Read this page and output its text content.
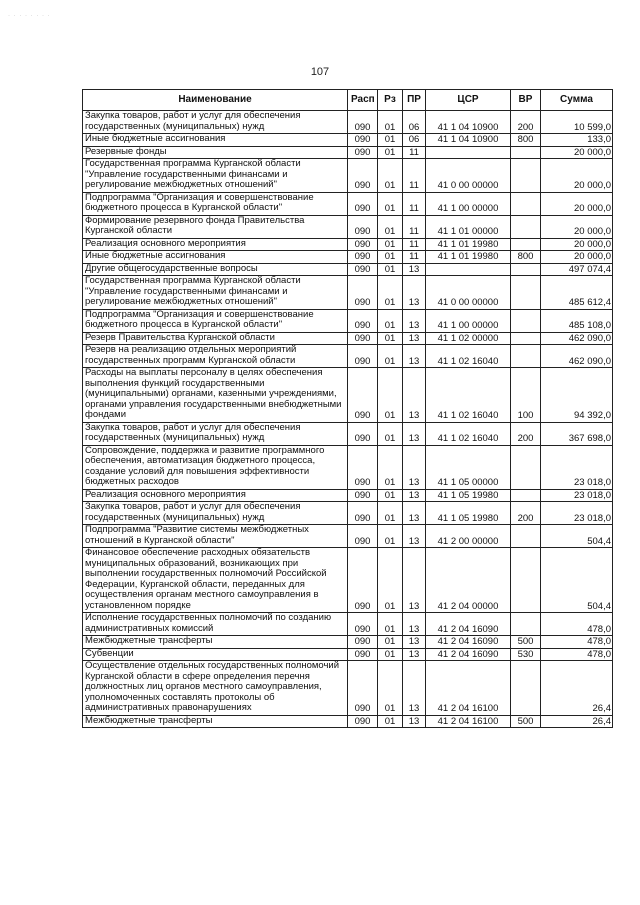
· · · · · · · ·
107
Наименование	Расп	Рз	ПР	ЦСР	ВР	Сумма
Закупка товаров, работ и услуг для обеспечения государственных (муниципальных) нужд	090	01	06	41 1 04 10900	200	10 599,0
Иные бюджетные ассигнования	090	01	06	41 1 04 10900	800	133,0
Резервные фонды	090	01	11			20 000,0
Государственная программа Курганской области "Управление государственными финансами и регулирование межбюджетных отношений"	090	01	11	41 0 00 00000		20 000,0
Подпрограмма "Организация и совершенствование бюджетного процесса в Курганской области"	090	01	11	41 1 00 00000		20 000,0
Формирование резервного фонда Правительства Курганской области	090	01	11	41 1 01 00000		20 000,0
Реализация основного мероприятия	090	01	11	41 1 01 19980		20 000,0
Иные бюджетные ассигнования	090	01	11	41 1 01 19980	800	20 000,0
Другие общегосударственные вопросы	090	01	13			497 074,4
Государственная программа Курганской области "Управление государственными финансами и регулирование межбюджетных отношений"	090	01	13	41 0 00 00000		485 612,4
Подпрограмма "Организация и совершенствование бюджетного процесса в Курганской области"	090	01	13	41 1 00 00000		485 108,0
Резерв Правительства Курганской области	090	01	13	41 1 02 00000		462 090,0
Резерв на реализацию отдельных мероприятий государственных программ Курганской области	090	01	13	41 1 02 16040		462 090,0
Расходы на выплаты персоналу в целях обеспечения выполнения функций государственными (муниципальными) органами, казенными учреждениями, органами управления государственными внебюджетными фондами	090	01	13	41 1 02 16040	100	94 392,0
Закупка товаров, работ и услуг для обеспечения государственных (муниципальных) нужд	090	01	13	41 1 02 16040	200	367 698,0
Сопровождение, поддержка и развитие программного обеспечения, автоматизация бюджетного процесса, создание условий для повышения эффективности бюджетных расходов	090	01	13	41 1 05 00000		23 018,0
Реализация основного мероприятия	090	01	13	41 1 05 19980		23 018,0
Закупка товаров, работ и услуг для обеспечения государственных (муниципальных) нужд	090	01	13	41 1 05 19980	200	23 018,0
Подпрограмма "Развитие системы межбюджетных отношений в Курганской области"	090	01	13	41 2 00 00000		504,4
Финансовое обеспечение расходных обязательств муниципальных образований, возникающих при выполнении государственных полномочий Российской Федерации, Курганской области, переданных для осуществления органам местного самоуправления в установленном порядке	090	01	13	41 2 04 00000		504,4
Исполнение государственных полномочий по созданию административных комиссий	090	01	13	41 2 04 16090		478,0
Межбюджетные трансферты	090	01	13	41 2 04 16090	500	478,0
Субвенции	090	01	13	41 2 04 16090	530	478,0
Осуществление отдельных государственных полномочий Курганской области в сфере определения перечня должностных лиц органов местного самоуправления, уполномоченных составлять протоколы об административных правонарушениях	090	01	13	41 2 04 16100		26,4
Межбюджетные трансферты	090	01	13	41 2 04 16100	500	26,4
